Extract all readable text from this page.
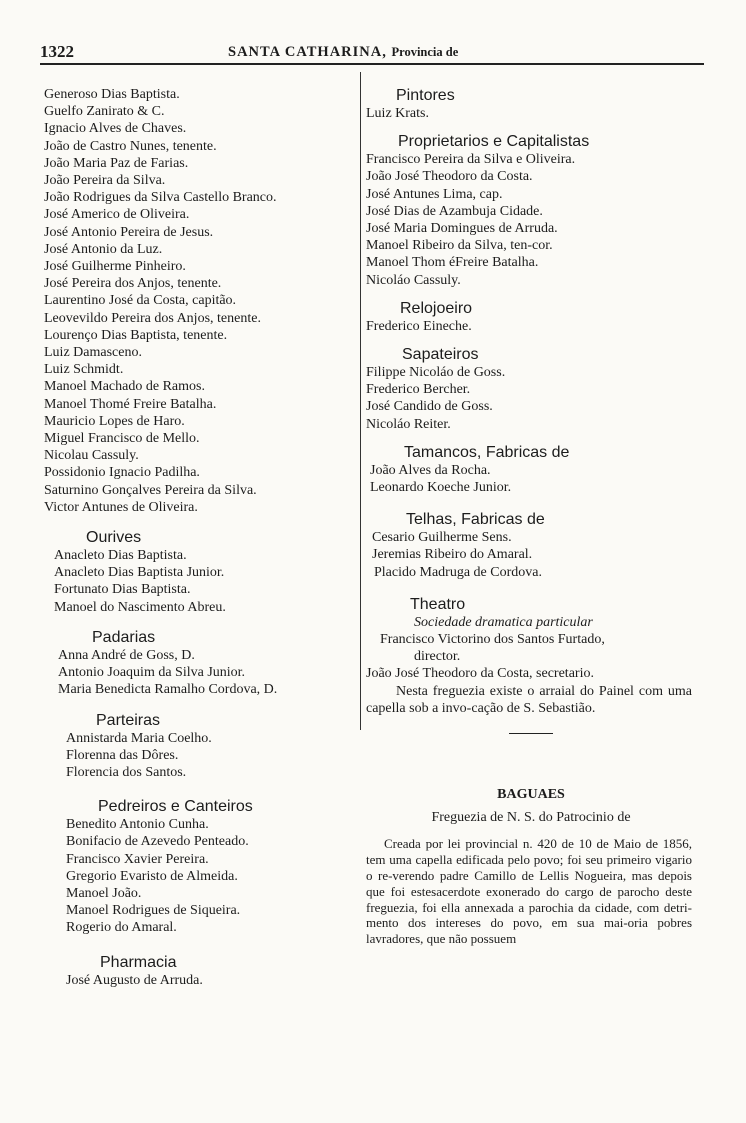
1322	SANTA CATHARINA, Provincia de
Generoso Dias Baptista.
Guelfo Zanirato & C.
Ignacio Alves de Chaves.
João de Castro Nunes, tenente.
João Maria Paz de Farias.
João Pereira da Silva.
João Rodrigues da Silva Castello Branco.
José Americo de Oliveira.
José Antonio Pereira de Jesus.
José Antonio da Luz.
José Guilherme Pinheiro.
José Pereira dos Anjos, tenente.
Laurentino José da Costa, capitão.
Leovevildo Pereira dos Anjos, tenente.
Lourenço Dias Baptista, tenente.
Luiz Damasceno.
Luiz Schmidt.
Manoel Machado de Ramos.
Manoel Thomé Freire Batalha.
Mauricio Lopes de Haro.
Miguel Francisco de Mello.
Nicolau Cassuly.
Possidonio Ignacio Padilha.
Saturnino Gonçalves Pereira da Silva.
Victor Antunes de Oliveira.
Ourives
Anacleto Dias Baptista.
Anacleto Dias Baptista Junior.
Fortunato Dias Baptista.
Manoel do Nascimento Abreu.
Padarias
Anna André de Goss, D.
Antonio Joaquim da Silva Junior.
Maria Benedicta Ramalho Cordova, D.
Parteiras
Annistarda Maria Coelho.
Florenna das Dôres.
Florencia dos Santos.
Pedreiros e Canteiros
Benedito Antonio Cunha.
Bonifacio de Azevedo Penteado.
Francisco Xavier Pereira.
Gregorio Evaristo de Almeida.
Manoel João.
Manoel Rodrigues de Siqueira.
Rogerio do Amaral.
Pharmacia
José Augusto de Arruda.
Pintores
Luiz Krats.
Proprietarios e Capitalistas
Francisco Pereira da Silva e Oliveira.
João José Theodoro da Costa.
José Antunes Lima, cap.
José Dias de Azambuja Cidade.
José Maria Domingues de Arruda.
Manoel Ribeiro da Silva, ten-cor.
Manoel Thom éFreire Batalha.
Nicoláo Cassuly.
Relojoeiro
Frederico Eineche.
Sapateiros
Filippe Nicoláo de Goss.
Frederico Bercher.
José Candido de Goss.
Nicoláo Reiter.
Tamancos, Fabricas de
João Alves da Rocha.
Leonardo Koeche Junior.
Telhas, Fabricas de
Cesario Guilherme Sens.
Jeremias Ribeiro do Amaral.
Placido Madruga de Cordova.
Theatro
Sociedade dramatica particular
Francisco Victorino dos Santos Furtado,
director.
João José Theodoro da Costa, secretario.
Nesta freguezia existe o arraial do Painel com uma capella sob a invo-cação de S. Sebastião.
BAGUAES
Freguezia de N. S. do Patrocinio de
Creada por lei provincial n. 420 de 10 de Maio de 1856, tem uma capella edificada pelo povo; foi seu primeiro vigario o re-verendo padre Camillo de Lellis Nogueira, mas depois que foi estesacerdote exonerado do cargo de parocho deste freguezia, foi ella annexada a parochia da cidade, com detri-mento dos intereses do povo, em sua mai-oria pobres lavradores, que não possuem
